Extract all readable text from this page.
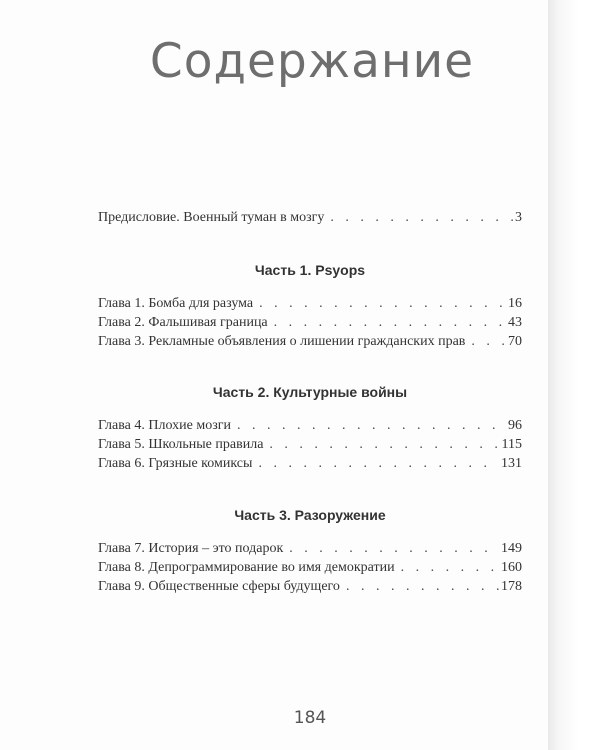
Содержание
Предисловие. Военный туман в мозгу . . .	3
Часть 1. Psyops
Глава 1. Бомба для разума . . .	16
Глава 2. Фальшивая граница . . .	43
Глава 3. Рекламные объявления о лишении гражданских прав . . .	70
Часть 2. Культурные войны
Глава 4. Плохие мозги . . .	96
Глава 5. Школьные правила . . .	115
Глава 6. Грязные комиксы . . .	131
Часть 3. Разоружение
Глава 7. История – это подарок . . .	149
Глава 8. Депрограммирование во имя демократии . . .	160
Глава 9. Общественные сферы будущего . . .	178
184
